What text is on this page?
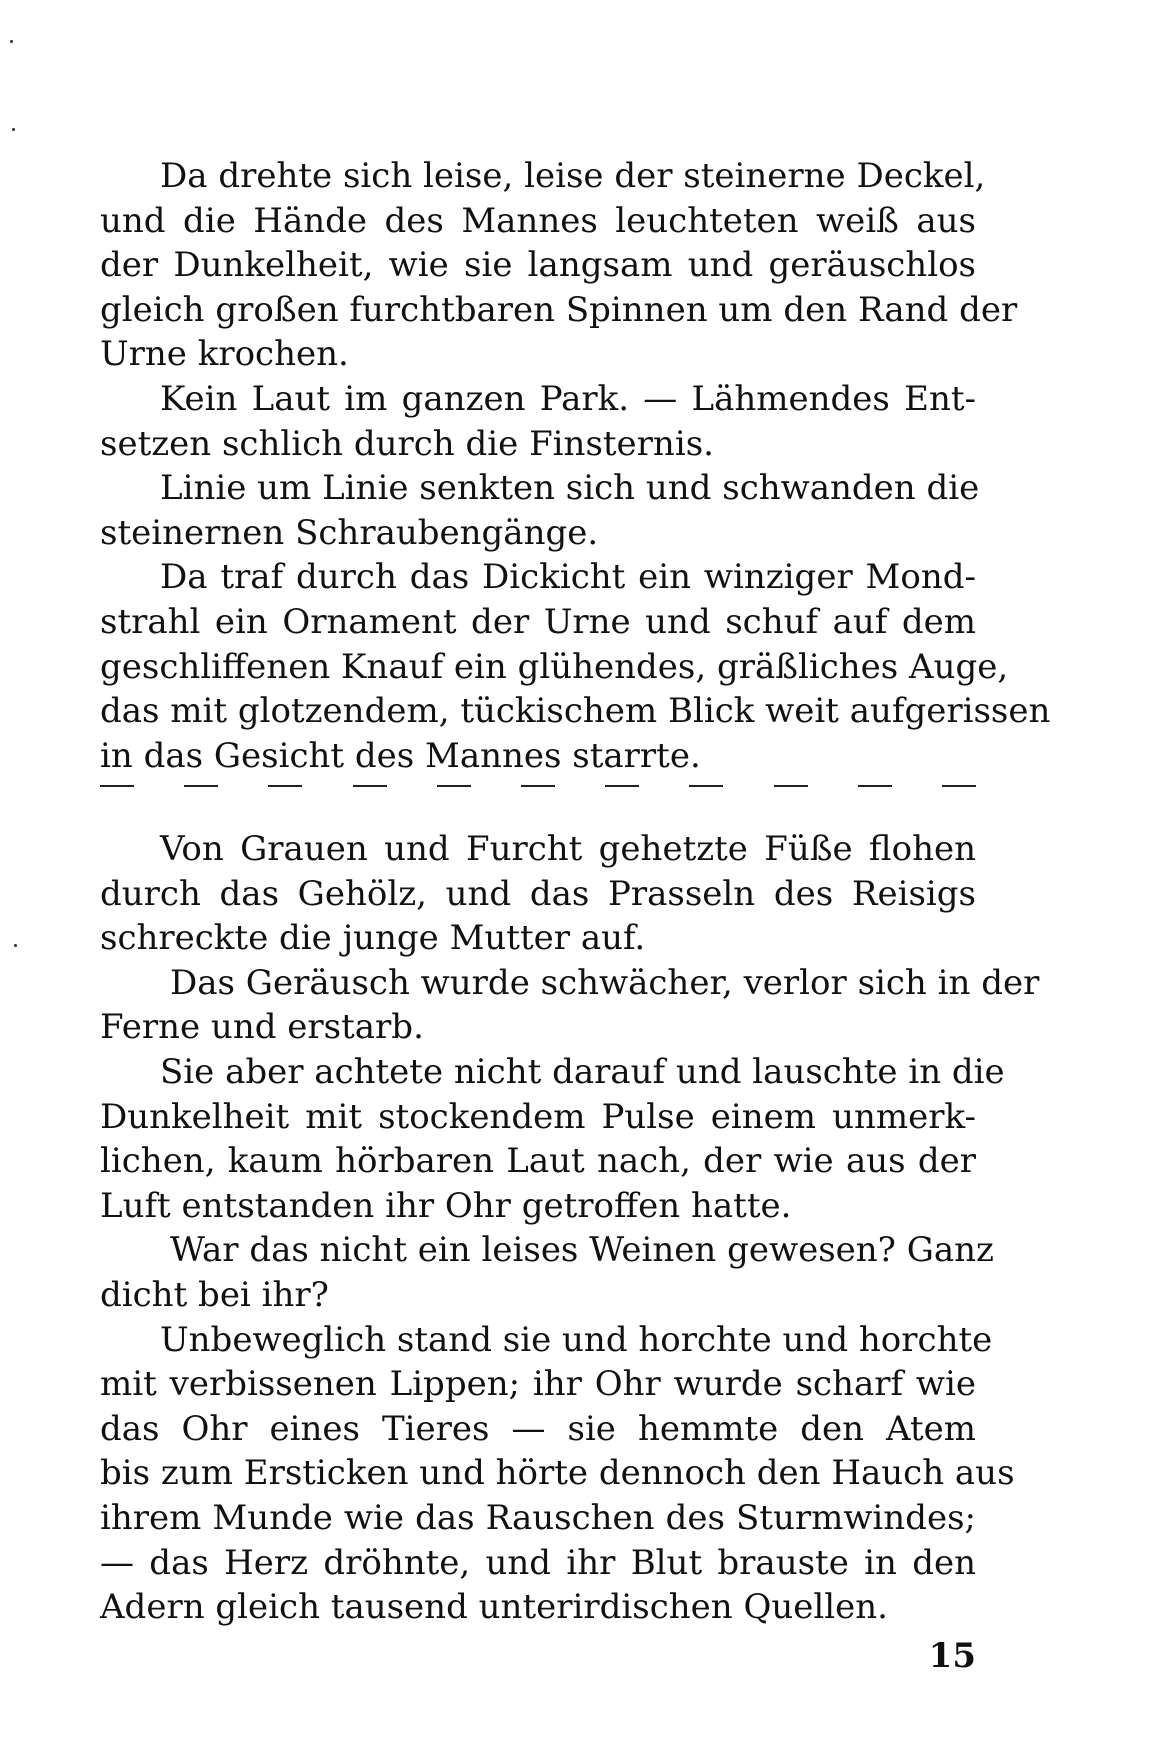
Da drehte sich leise, leise der steinerne Deckel,
und die Hände des Mannes leuchteten weiß aus
der Dunkelheit, wie sie langsam und geräuschlos
gleich großen furchtbaren Spinnen um den Rand der
Urne krochen.
Kein Laut im ganzen Park. — Lähmendes Ent-
setzen schlich durch die Finsternis.
Linie um Linie senkten sich und schwanden die
steinernen Schraubengänge.
Da traf durch das Dickicht ein winziger Mond-
strahl ein Ornament der Urne und schuf auf dem
geschliffenen Knauf ein glühendes, gräßliches Auge,
das mit glotzendem, tückischem Blick weit aufgerissen
in das Gesicht des Mannes starrte.
Von Grauen und Furcht gehetzte Füße flohen
durch das Gehölz, und das Prasseln des Reisigs
schreckte die junge Mutter auf.
Das Geräusch wurde schwächer, verlor sich in der
Ferne und erstarb.
Sie aber achtete nicht darauf und lauschte in die
Dunkelheit mit stockendem Pulse einem unmerk-
lichen, kaum hörbaren Laut nach, der wie aus der
Luft entstanden ihr Ohr getroffen hatte.
War das nicht ein leises Weinen gewesen? Ganz
dicht bei ihr?
Unbeweglich stand sie und horchte und horchte
mit verbissenen Lippen; ihr Ohr wurde scharf wie
das Ohr eines Tieres — sie hemmte den Atem
bis zum Ersticken und hörte dennoch den Hauch aus
ihrem Munde wie das Rauschen des Sturmwindes;
— das Herz dröhnte, und ihr Blut brauste in den
Adern gleich tausend unterirdischen Quellen.
15
